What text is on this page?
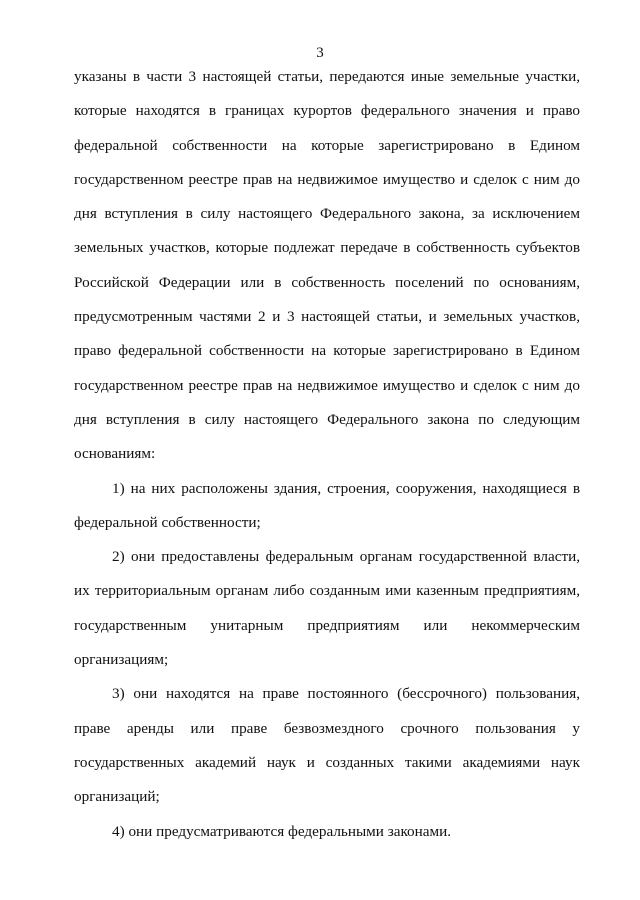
3
указаны в части 3 настоящей статьи, передаются иные земельные участки,
которые находятся в границах курортов федерального значения и право
федеральной собственности на которые зарегистрировано в Едином
государственном реестре прав на недвижимое имущество и сделок с ним до
дня вступления в силу настоящего Федерального закона, за исключением
земельных участков, которые подлежат передаче в собственность субъектов
Российской Федерации или в собственность поселений по основаниям,
предусмотренным частями 2 и 3 настоящей статьи, и земельных участков,
право федеральной собственности на которые зарегистрировано в Едином
государственном реестре прав на недвижимое имущество и сделок с ним до
дня вступления в силу настоящего Федерального закона по следующим
основаниям:
1) на них расположены здания, строения, сооружения, находящиеся в
федеральной собственности;
2) они предоставлены федеральным органам государственной власти,
их территориальным органам либо созданным ими казенным предприятиям,
государственным унитарным предприятиям или некоммерческим
организациям;
3) они находятся на праве постоянного (бессрочного) пользования,
праве аренды или праве безвозмездного срочного пользования у
государственных академий наук и созданных такими академиями наук
организаций;
4) они предусматриваются федеральными законами.
